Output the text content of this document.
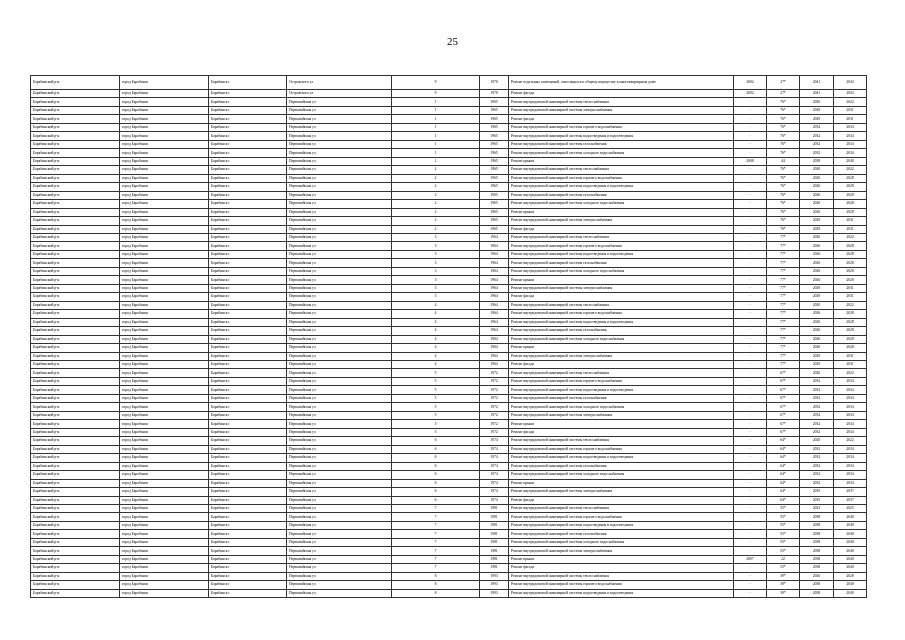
25
Барабинский р-н	город Барабинск	Барабинск г	Островского ул	9	1970	Ремонт отдельных помещений, относящихся к общему имуществу в многоквартирном доме	2002	27*	2041	2043
Барабинский р-н	город Барабинск	Барабинск г	Островского ул	9	1970	Ремонт фасада	2002	27*	2041	2043
Барабинский р-н	город Барабинск	Барабинск г	Первомайская ул	1	1965	Ремонт внутридомовой инженерной системы теплоснабжения	-	76*	2020	2022
Барабинский р-н	город Барабинск	Барабинск г	Первомайская ул	1	1965	Ремонт внутридомовой инженерной системы электроснабжения	-	76*	2029	2031
Барабинский р-н	город Барабинск	Барабинск г	Первомайская ул	1	1965	Ремонт фасада	-	76*	2029	2031
Барабинский р-н	город Барабинск	Барабинск г	Первомайская ул	1	1965	Ремонт внутридомовой инженерной системы горячего водоснабжения	-	76*	2032	2034
Барабинский р-н	город Барабинск	Барабинск г	Первомайская ул	1	1965	Ремонт внутридомовой инженерной системы водоотведения и водоотведения	-	76*	2032	2034
Барабинский р-н	город Барабинск	Барабинск г	Первомайская ул	1	1965	Ремонт внутридомовой инженерной системы газоснабжения	-	76*	2032	2034
Барабинский р-н	город Барабинск	Барабинск г	Первомайская ул	1	1965	Ремонт внутридомовой инженерной системы холодного водоснабжения	-	76*	2032	2034
Барабинский р-н	город Барабинск	Барабинск г	Первомайская ул	1	1965	Ремонт крыши	2008	44	2038	2040
Барабинский р-н	город Барабинск	Барабинск г	Первомайская ул	2	1965	Ремонт внутридомовой инженерной системы теплоснабжения	-	76*	2020	2022
Барабинский р-н	город Барабинск	Барабинск г	Первомайская ул	2	1965	Ремонт внутридомовой инженерной системы горячего водоснабжения	-	76*	2026	2028
Барабинский р-н	город Барабинск	Барабинск г	Первомайская ул	2	1965	Ремонт внутридомовой инженерной системы водоотведения и водоотведения	-	76*	2026	2028
Барабинский р-н	город Барабинск	Барабинск г	Первомайская ул	2	1965	Ремонт внутридомовой инженерной системы газоснабжения	-	76*	2026	2028
Барабинский р-н	город Барабинск	Барабинск г	Первомайская ул	2	1965	Ремонт внутридомовой инженерной системы холодного водоснабжения	-	76*	2026	2028
Барабинский р-н	город Барабинск	Барабинск г	Первомайская ул	2	1965	Ремонт крыши	-	76*	2026	2028
Барабинский р-н	город Барабинск	Барабинск г	Первомайская ул	2	1965	Ремонт внутридомовой инженерной системы электроснабжения	-	76*	2029	2031
Барабинский р-н	город Барабинск	Барабинск г	Первомайская ул	2	1965	Ремонт фасада	-	76*	2029	2031
Барабинский р-н	город Барабинск	Барабинск г	Первомайская ул	3	1964	Ремонт внутридомовой инженерной системы теплоснабжения	-	77*	2020	2022
Барабинский р-н	город Барабинск	Барабинск г	Первомайская ул	3	1964	Ремонт внутридомовой инженерной системы горячего водоснабжения	-	77*	2026	2028
Барабинский р-н	город Барабинск	Барабинск г	Первомайская ул	3	1964	Ремонт внутридомовой инженерной системы водоотведения и водоотведения	-	77*	2026	2028
Барабинский р-н	город Барабинск	Барабинск г	Первомайская ул	3	1964	Ремонт внутридомовой инженерной системы газоснабжения	-	77*	2026	2028
Барабинский р-н	город Барабинск	Барабинск г	Первомайская ул	3	1964	Ремонт внутридомовой инженерной системы холодного водоснабжения	-	77*	2026	2028
Барабинский р-н	город Барабинск	Барабинск г	Первомайская ул	3	1964	Ремонт крыши	-	77*	2026	2028
Барабинский р-н	город Барабинск	Барабинск г	Первомайская ул	3	1964	Ремонт внутридомовой инженерной системы электроснабжения	-	77*	2029	2031
Барабинский р-н	город Барабинск	Барабинск г	Первомайская ул	3	1964	Ремонт фасада	-	77*	2029	2031
Барабинский р-н	город Барабинск	Барабинск г	Первомайская ул	4	1964	Ремонт внутридомовой инженерной системы теплоснабжения	-	77*	2020	2022
Барабинский р-н	город Барабинск	Барабинск г	Первомайская ул	4	1964	Ремонт внутридомовой инженерной системы горячего водоснабжения	-	77*	2026	2028
Барабинский р-н	город Барабинск	Барабинск г	Первомайская ул	4	1964	Ремонт внутридомовой инженерной системы водоотведения и водоотведения	-	77*	2026	2028
Барабинский р-н	город Барабинск	Барабинск г	Первомайская ул	4	1964	Ремонт внутридомовой инженерной системы газоснабжения	-	77*	2026	2028
Барабинский р-н	город Барабинск	Барабинск г	Первомайская ул	4	1964	Ремонт внутридомовой инженерной системы холодного водоснабжения	-	77*	2026	2028
Барабинский р-н	город Барабинск	Барабинск г	Первомайская ул	4	1964	Ремонт крыши	-	77*	2026	2028
Барабинский р-н	город Барабинск	Барабинск г	Первомайская ул	4	1964	Ремонт внутридомовой инженерной системы электроснабжения	-	77*	2029	2031
Барабинский р-н	город Барабинск	Барабинск г	Первомайская ул	4	1964	Ремонт фасада	-	77*	2029	2031
Барабинский р-н	город Барабинск	Барабинск г	Первомайская ул	5	1972	Ремонт внутридомовой инженерной системы теплоснабжения	-	67*	2020	2022
Барабинский р-н	город Барабинск	Барабинск г	Первомайская ул	5	1972	Ремонт внутридомовой инженерной системы горячего водоснабжения	-	67*	2032	2034
Барабинский р-н	город Барабинск	Барабинск г	Первомайская ул	5	1972	Ремонт внутридомовой инженерной системы водоотведения и водоотведения	-	67*	2032	2034
Барабинский р-н	город Барабинск	Барабинск г	Первомайская ул	5	1972	Ремонт внутридомовой инженерной системы газоснабжения	-	67*	2032	2034
Барабинский р-н	город Барабинск	Барабинск г	Первомайская ул	5	1972	Ремонт внутридомовой инженерной системы холодного водоснабжения	-	67*	2032	2034
Барабинский р-н	город Барабинск	Барабинск г	Первомайская ул	5	1972	Ремонт внутридомовой инженерной системы электроснабжения	-	67*	2032	2034
Барабинский р-н	город Барабинск	Барабинск г	Первомайская ул	5	1972	Ремонт крыши	-	67*	2032	2034
Барабинский р-н	город Барабинск	Барабинск г	Первомайская ул	5	1972	Ремонт фасада	-	67*	2032	2034
Барабинский р-н	город Барабинск	Барабинск г	Первомайская ул	6	1974	Ремонт внутридомовой инженерной системы теплоснабжения	-	64*	2020	2022
Барабинский р-н	город Барабинск	Барабинск г	Первомайская ул	6	1974	Ремонт внутридомовой инженерной системы горячего водоснабжения	-	64*	2032	2034
Барабинский р-н	город Барабинск	Барабинск г	Первомайская ул	6	1974	Ремонт внутридомовой инженерной системы водоотведения и водоотведения	-	64*	2032	2034
Барабинский р-н	город Барабинск	Барабинск г	Первомайская ул	6	1974	Ремонт внутридомовой инженерной системы газоснабжения	-	64*	2032	2034
Барабинский р-н	город Барабинск	Барабинск г	Первомайская ул	6	1974	Ремонт внутридомовой инженерной системы холодного водоснабжения	-	64*	2032	2034
Барабинский р-н	город Барабинск	Барабинск г	Первомайская ул	6	1974	Ремонт крыши	-	64*	2032	2034
Барабинский р-н	город Барабинск	Барабинск г	Первомайская ул	6	1974	Ремонт внутридомовой инженерной системы электроснабжения	-	64*	2035	2037
Барабинский р-н	город Барабинск	Барабинск г	Первомайская ул	6	1974	Ремонт фасада	-	64*	2035	2037
Барабинский р-н	город Барабинск	Барабинск г	Первомайская ул	7	1981	Ремонт внутридомовой инженерной системы теплоснабжения	-	55*	2023	2025
Барабинский р-н	город Барабинск	Барабинск г	Первомайская ул	7	1981	Ремонт внутридомовой инженерной системы горячего водоснабжения	-	55*	2038	2040
Барабинский р-н	город Барабинск	Барабинск г	Первомайская ул	7	1981	Ремонт внутридомовой инженерной системы водоотведения и водоотведения	-	55*	2038	2040
Барабинский р-н	город Барабинск	Барабинск г	Первомайская ул	7	1981	Ремонт внутридомовой инженерной системы газоснабжения	-	55*	2038	2040
Барабинский р-н	город Барабинск	Барабинск г	Первомайская ул	7	1981	Ремонт внутридомовой инженерной системы холодного водоснабжения	-	55*	2038	2040
Барабинский р-н	город Барабинск	Барабинск г	Первомайская ул	7	1981	Ремонт внутридомовой инженерной системы электроснабжения	-	55*	2038	2040
Барабинский р-н	город Барабинск	Барабинск г	Первомайская ул	7	1981	Ремонт крыши	2007	22	2038	2040
Барабинский р-н	город Барабинск	Барабинск г	Первомайская ул	7	1981	Ремонт фасада	-	55*	2038	2040
Барабинский р-н	город Барабинск	Барабинск г	Первомайская ул	8	1993	Ремонт внутридомовой инженерной системы теплоснабжения	-	39*	2026	2028
Барабинский р-н	город Барабинск	Барабинск г	Первомайская ул	8	1993	Ремонт внутридомовой инженерной системы горячего водоснабжения	-	39*	2038	2040
Барабинский р-н	город Барабинск	Барабинск г	Первомайская ул	8	1993	Ремонт внутридомовой инженерной системы водоотведения и водоотведения	-	39*	2038	2040
